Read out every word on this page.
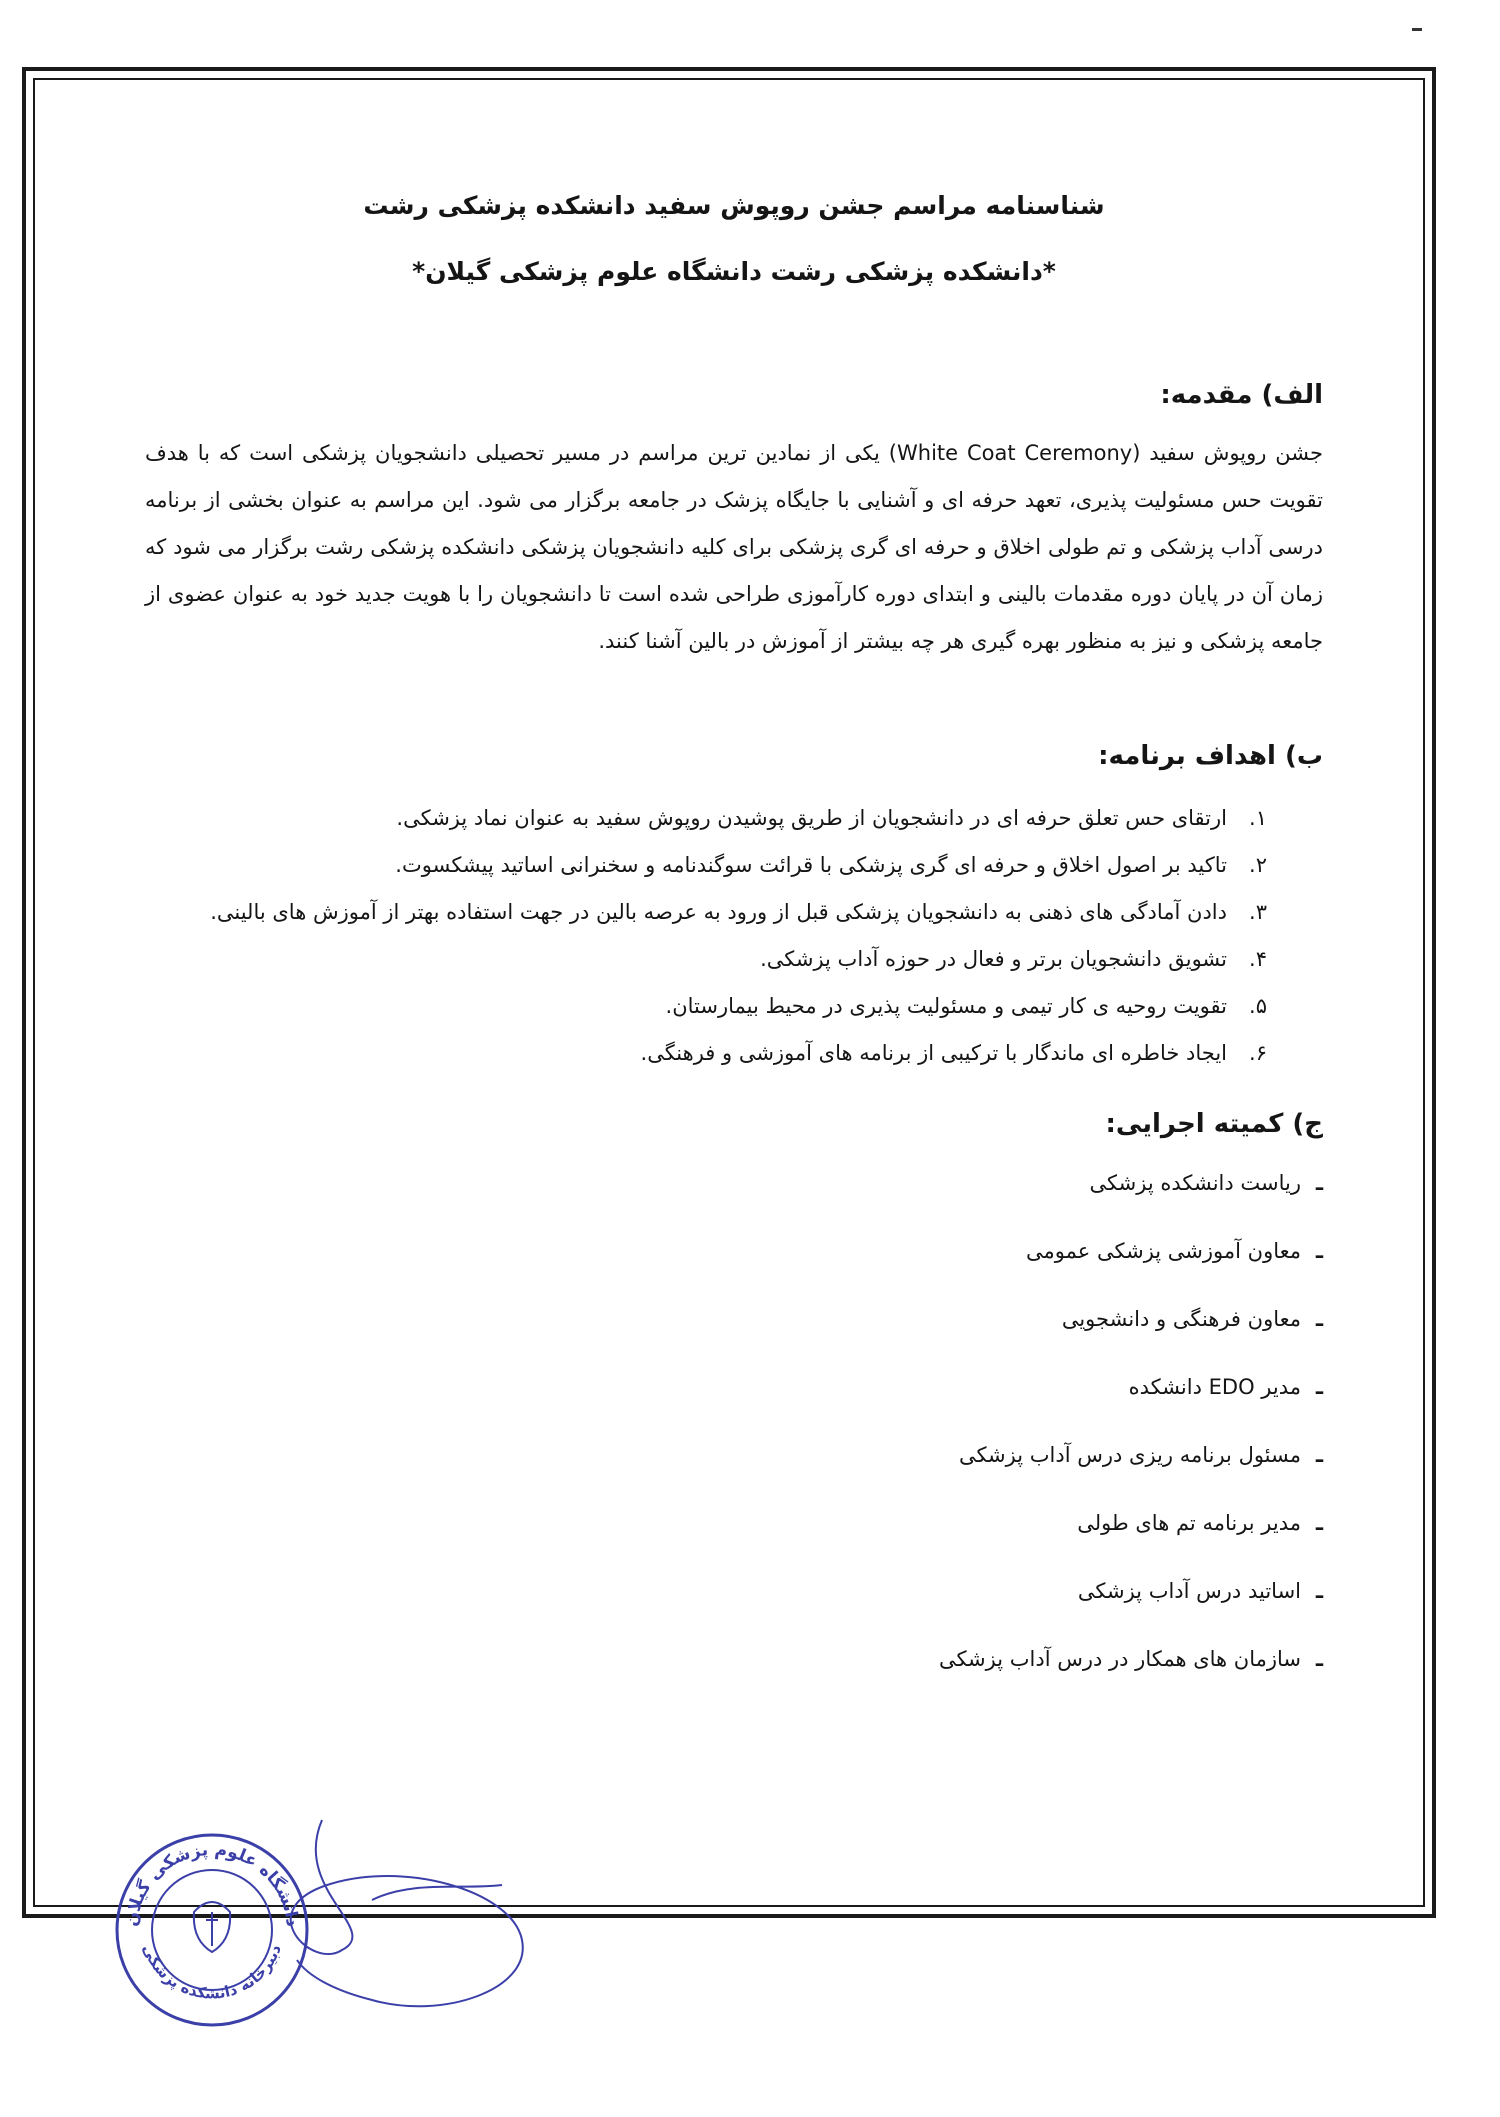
شناسنامه مراسم جشن روپوش سفید دانشکده پزشکی رشت
*دانشکده پزشکی رشت دانشگاه علوم پزشکی گیلان*
الف) مقدمه:

جشن روپوش سفید (White Coat Ceremony) یکی از نمادین ترین مراسم در مسیر تحصیلی دانشجویان پزشکی است که با هدف تقویت حس مسئولیت پذیری، تعهد حرفه ای و آشنایی با جایگاه پزشک در جامعه برگزار می شود. این مراسم به عنوان بخشی از برنامه درسی آداب پزشکی و تم طولی اخلاق و حرفه ای گری پزشکی برای کلیه دانشجویان پزشکی دانشکده پزشکی رشت برگزار می شود که زمان آن در پایان دوره مقدمات بالینی و ابتدای دوره کارآموزی طراحی شده است تا دانشجویان را با هویت جدید خود به عنوان عضوی از جامعه پزشکی و نیز به منظور بهره گیری هر چه بیشتر از آموزش در بالین آشنا کنند.

ب) اهداف برنامه:
۱.ارتقای حس تعلق حرفه ای در دانشجویان از طریق پوشیدن روپوش سفید به عنوان نماد پزشکی.
۲.تاکید بر اصول اخلاق و حرفه ای گری پزشکی با قرائت سوگندنامه و سخنرانی اساتید پیشکسوت.
۳.دادن آمادگی های ذهنی به دانشجویان پزشکی قبل از ورود به عرصه بالین در جهت استفاده بهتر از آموزش های بالینی.
۴.تشویق دانشجویان برتر و فعال در حوزه آداب پزشکی.
۵.تقویت روحیه ی کار تیمی و مسئولیت پذیری در محیط بیمارستان.
۶.ایجاد خاطره ای ماندگار با ترکیبی از برنامه های آموزشی و فرهنگی.
ج) کمیته اجرایی:
ـریاست دانشکده پزشکی
ـمعاون آموزشی پزشکی عمومی
ـمعاون فرهنگی و دانشجویی
ـمدیر EDO دانشکده
ـمسئول برنامه ریزی درس آداب پزشکی
ـمدیر برنامه تم های طولی
ـاساتید درس آداب پزشکی
ـسازمان های همکار در درس آداب پزشکی
دانشگاه علوم پزشکی گیلان
دبیرخانه دانشکده پزشکی
